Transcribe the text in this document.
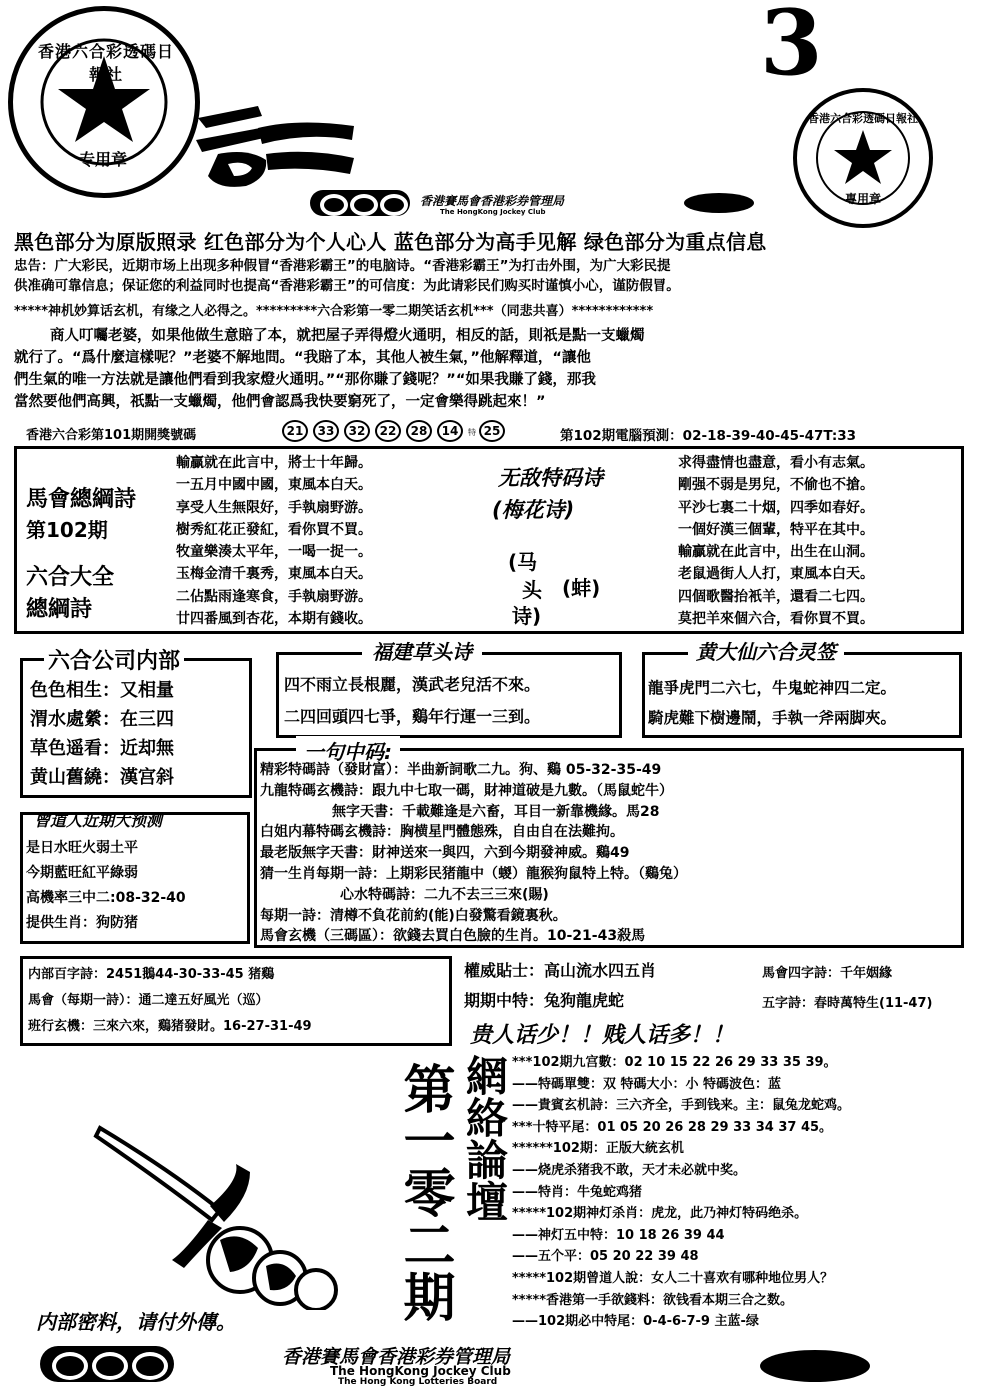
香港六合彩透碼日報社
专用章
3
香港六合彩透碼日報社
專用章
香港賽馬會香港彩券管理局
The HongKong Jockey Club
黑色部分为原版照录 红色部分为个人心人 蓝色部分为高手见解 绿色部分为重点信息
忠告：广大彩民，近期市场上出现多种假冒“香港彩霸王”的电脑诗。“香港彩霸王”为打击外围，为广大彩民提
供准确可靠信息；保证您的利益同时也提高“香港彩霸王”的可信度：为此请彩民们购买时谨慎小心，谨防假冒。
*****神机妙算话玄机，有缘之人必得之。*********六合彩第一零二期笑话玄机***（同悲共喜）************
商人叮囑老婆，如果他做生意賠了本，就把屋子弄得燈火通明，相反的話，則祇是點一支蠟燭
就行了。“爲什麼這樣呢？”老婆不解地問。“我賠了本，其他人被生氣，”他解釋道，“讓他
們生氣的唯一方法就是讓他們看到我家燈火通明。”“那你賺了錢呢？”“如果我賺了錢，那我
當然要他們高興，祇點一支蠟燭，他們會認爲我快要窮死了，一定會樂得跳起來！”
香港六合彩第101期開獎號碼	21 33 32 22 28 14 特 25	第102期電腦預測：02-18-39-40-45-47T:33
馬會總綱詩
第102期
六合大全
總綱詩
輸贏就在此言中，將士十年歸。
一五月中國中國，東風本白天。
享受人生無限好，手執扇野游。
樹秀紅花正發紅，看你買不買。
牧童樂湊太平年，一喝一捉一。
玉梅金清千裏秀，東風本白天。
二佔點雨逢寒食，手執扇野游。
廿四番風到杏花，本期有錢收。
无敌特码诗
(梅花诗)
(马
头
诗)
(蚌)
求得盡情也盡意，看小有志氣。
剛强不弱是男兒，不偷也不搶。
平沙七裏二十烟，四季如春好。
一個好漢三個輩，特平在其中。
輸贏就在此言中，出生在山洞。
老鼠過街人人打，東風本白天。
四個歌醫抬衹羊，還看二七四。
莫把羊來個六合，看你買不買。
六合公司内部
色色相生：又相量
渭水處縈：在三四
草色遥看：近却無
黄山舊繞：漢宫斜
福建草头诗
四不雨立長根麗，漢武老兒活不來。
二四回頭四七爭，鷄年行運一三到。
黄大仙六合灵签
龍爭虎門二六七，牛鬼蛇神四二定。
騎虎難下樹邊鬧，手執一斧兩脚夾。
一句中码:
精彩特碼詩（發財富）：半曲新詞歌二九。狗、鷄 05-32-35-49
九龍特碼玄機詩：跟九中七取一碼，財神道破是九數。（馬鼠蛇牛）
無字天書：千載難逢是六畜，耳目一新靠機緣。馬28
白姐内幕特碼玄機詩：胸横星門體態殊，自由自在法難拘。
最老版無字天書：財神送來一與四，六到今期發神威。鷄49
猜一生肖每期一詩：上期彩民猪龍中（蝬）龍猴狗鼠特上特。（鷄兔）
心水特碼詩：二九不去三三來(賜)
每期一詩：清樽不負花前約(能)白發驚看鏡裏秋。
馬會玄機（三碼區）：欲錢去買白色臉的生肖。10-21-43殺馬
曾道人近期大预测
是日水旺火弱土平
今期藍旺紅平綠弱
高機率三中二:08-32-40
提供生肖：狗防猪
内部百字詩：2451鵝44-30-33-45 猪鷄
馬會（每期一詩）：通二達五好風光（巡）
班行玄機：三來六來，鷄猪發財。16-27-31-49
權威貼士：高山流水四五肖	馬會四字詩：千年姻緣
期期中特：兔狗龍虎蛇	五字詩：春時萬特生(11-47)
贵人话少！！贱人话多！！
第一零二期 網絡論壇 ***102期九宫數：02 10 15 22 26 29 33 35 39。
——特碼單雙：双 特碼大小：小 特碼波色：蓝
——貴賓玄机詩：三六齐全，手到钱来。主：鼠兔龙蛇鸡。
***十特平尾：01 05 20 26 28 29 33 34 37 45。
******102期：正版大統玄机
——烧虎杀猪我不敢，天才未必就中奖。
——特肖：牛兔蛇鸡猪
*****102期神灯杀肖：虎龙，此乃神灯特码绝杀。
——神灯五中特：10 18 26 39 44
——五个平：05 20 22 39 48
*****102期曾道人說：女人二十喜欢有哪种地位男人？
*****香港第一手欲錢料：欲钱看本期三合之数。
——102期必中特尾：0-4-6-7-9 主蓝-绿
内部密料，请付外傳。
香港賽馬會香港彩券管理局
The HongKong Jockey Club
The Hong Kong Lotteries Board
